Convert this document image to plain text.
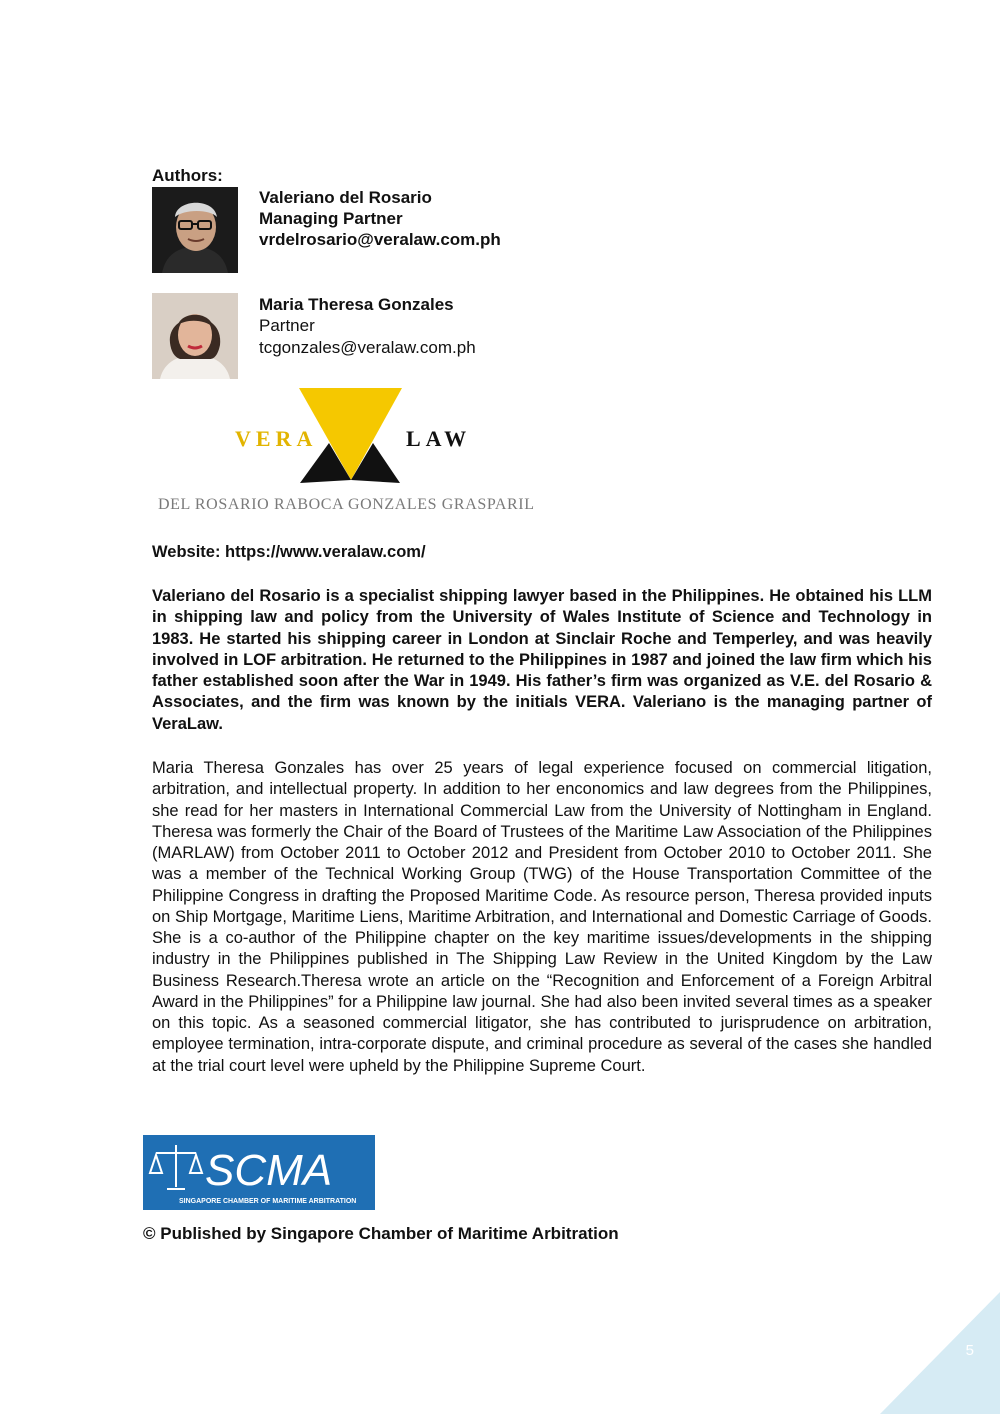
Authors:
Valeriano del Rosario
Managing Partner
vrdelrosario@veralaw.com.ph
Maria Theresa Gonzales
Partner
tcgonzales@veralaw.com.ph
VERA	LAW
DEL ROSARIO RABOCA GONZALES GRASPARIL
Website: https://www.veralaw.com/

Valeriano del Rosario is a specialist shipping lawyer based in the Philippines. He obtained his LLM in shipping law and policy from the University of Wales Institute of Science and Technology in 1983. He started his shipping career in London at Sinclair Roche and Temperley, and was heavily involved in LOF arbitration. He returned to the Philippines in 1987 and joined the law firm which his father established soon after the War in 1949. His father’s firm was organized as V.E. del Rosario & Associates, and the firm was known by the initials VERA. Valeriano is the managing partner of VeraLaw.

Maria Theresa Gonzales has over 25 years of legal experience focused on commercial litigation, arbitration, and intellectual property. In addition to her enconomics and law degrees from the Philippines, she read for her masters in International Commercial Law from the University of Nottingham in England. Theresa was formerly the Chair of the Board of Trustees of the Maritime Law Association of the Philippines (MARLAW) from October 2011 to October 2012 and President from October 2010 to October 2011. She was a member of the Technical Working Group (TWG) of the House Transportation Committee of the Philippine Congress in drafting the Proposed Maritime Code. As resource person, Theresa provided inputs on Ship Mortgage, Maritime Liens, Maritime Arbitration, and International and Domestic Carriage of Goods. She is a co-author of the Philippine chapter on the key maritime issues/developments in the shipping industry in the Philippines published in The Shipping Law Review in the United Kingdom by the Law Business Research.Theresa wrote an article on the “Recognition and Enforcement of a Foreign Arbitral Award in the Philippines” for a Philippine law journal. She had also been invited several times as a speaker on this topic. As a seasoned commercial litigator, she has contributed to jurisprudence on arbitration, employee termination, intra-corporate dispute, and criminal procedure as several of the cases she handled at the trial court level were upheld by the Philippine Supreme Court.

SCMA
SINGAPORE CHAMBER OF MARITIME ARBITRATION
© Published by Singapore Chamber of Maritime Arbitration
5
